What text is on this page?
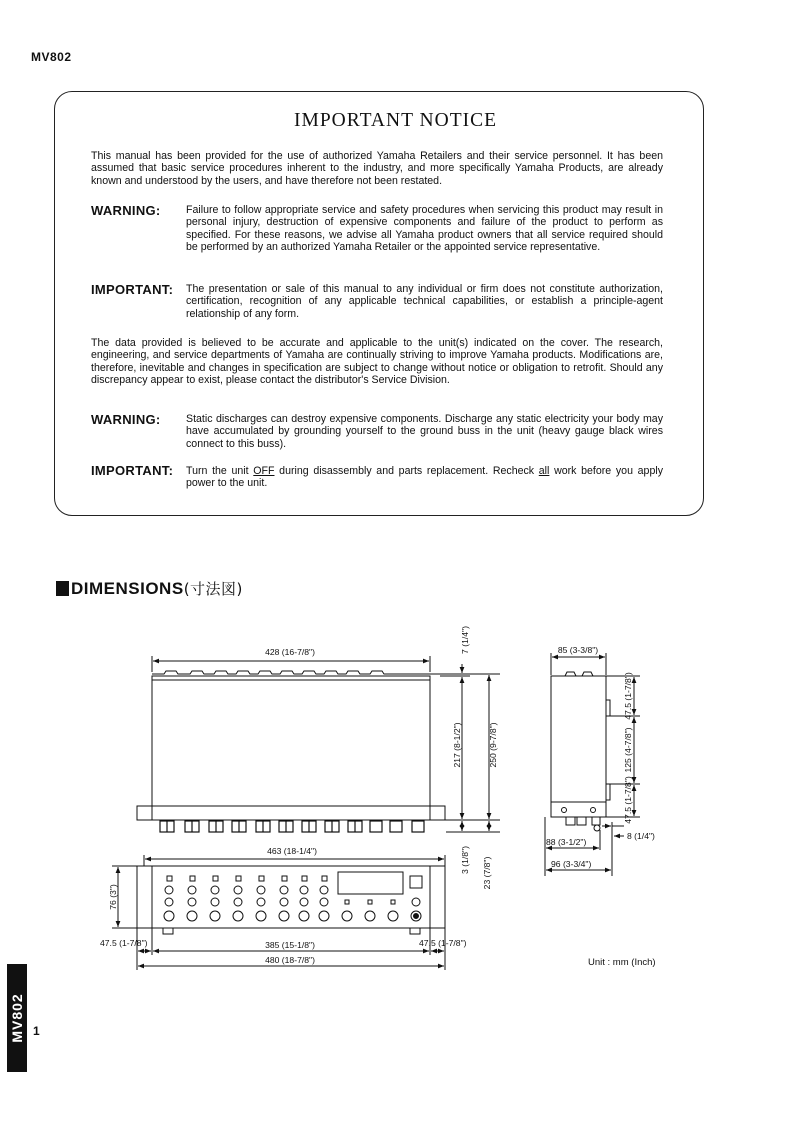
MV802
IMPORTANT NOTICE
This manual has been provided for the use of authorized Yamaha Retailers and their service personnel. It has been assumed that basic service procedures inherent to the industry, and more specifically Yamaha Products, are already known and understood by the users, and have therefore not been restated.
WARNING: Failure to follow appropriate service and safety procedures when servicing this product may result in personal injury, destruction of expensive components and failure of the product to perform as specified. For these reasons, we advise all Yamaha product owners that all service required should be performed by an authorized Yamaha Retailer or the appointed service representative.
IMPORTANT: The presentation or sale of this manual to any individual or firm does not constitute authorization, certification, recognition of any applicable technical capabilities, or establish a principle-agent relationship of any form.
The data provided is believed to be accurate and applicable to the unit(s) indicated on the cover. The research, engineering, and service departments of Yamaha are continually striving to improve Yamaha products. Modifications are, therefore, inevitable and changes in specification are subject to change without notice or obligation to retrofit. Should any discrepancy appear to exist, please contact the distributor's Service Division.
WARNING: Static discharges can destroy expensive components. Discharge any static electricity your body may have accumulated by grounding yourself to the ground buss in the unit (heavy gauge black wires connect to this buss).
IMPORTANT: Turn the unit OFF during disassembly and parts replacement. Recheck all work before you apply power to the unit.
DIMENSIONS(寸法図)
428 (16-7/8")	7 (1/4")
217 (8-1/2")	250 (9-7/8")
3 (1/8") 23 (7/8")
463 (18-1/4")
76 (3")
47.5 (1-7/8")	47.5 (1-7/8")
385 (15-1/8")
480 (18-7/8")
85 (3-3/8")
47.5 (1-7/8")
125 (4-7/8")
47.5 (1-7/8")
88 (3-1/2")
96 (3-3/4")
8 (1/4")
Unit : mm (Inch)
MV802 1
